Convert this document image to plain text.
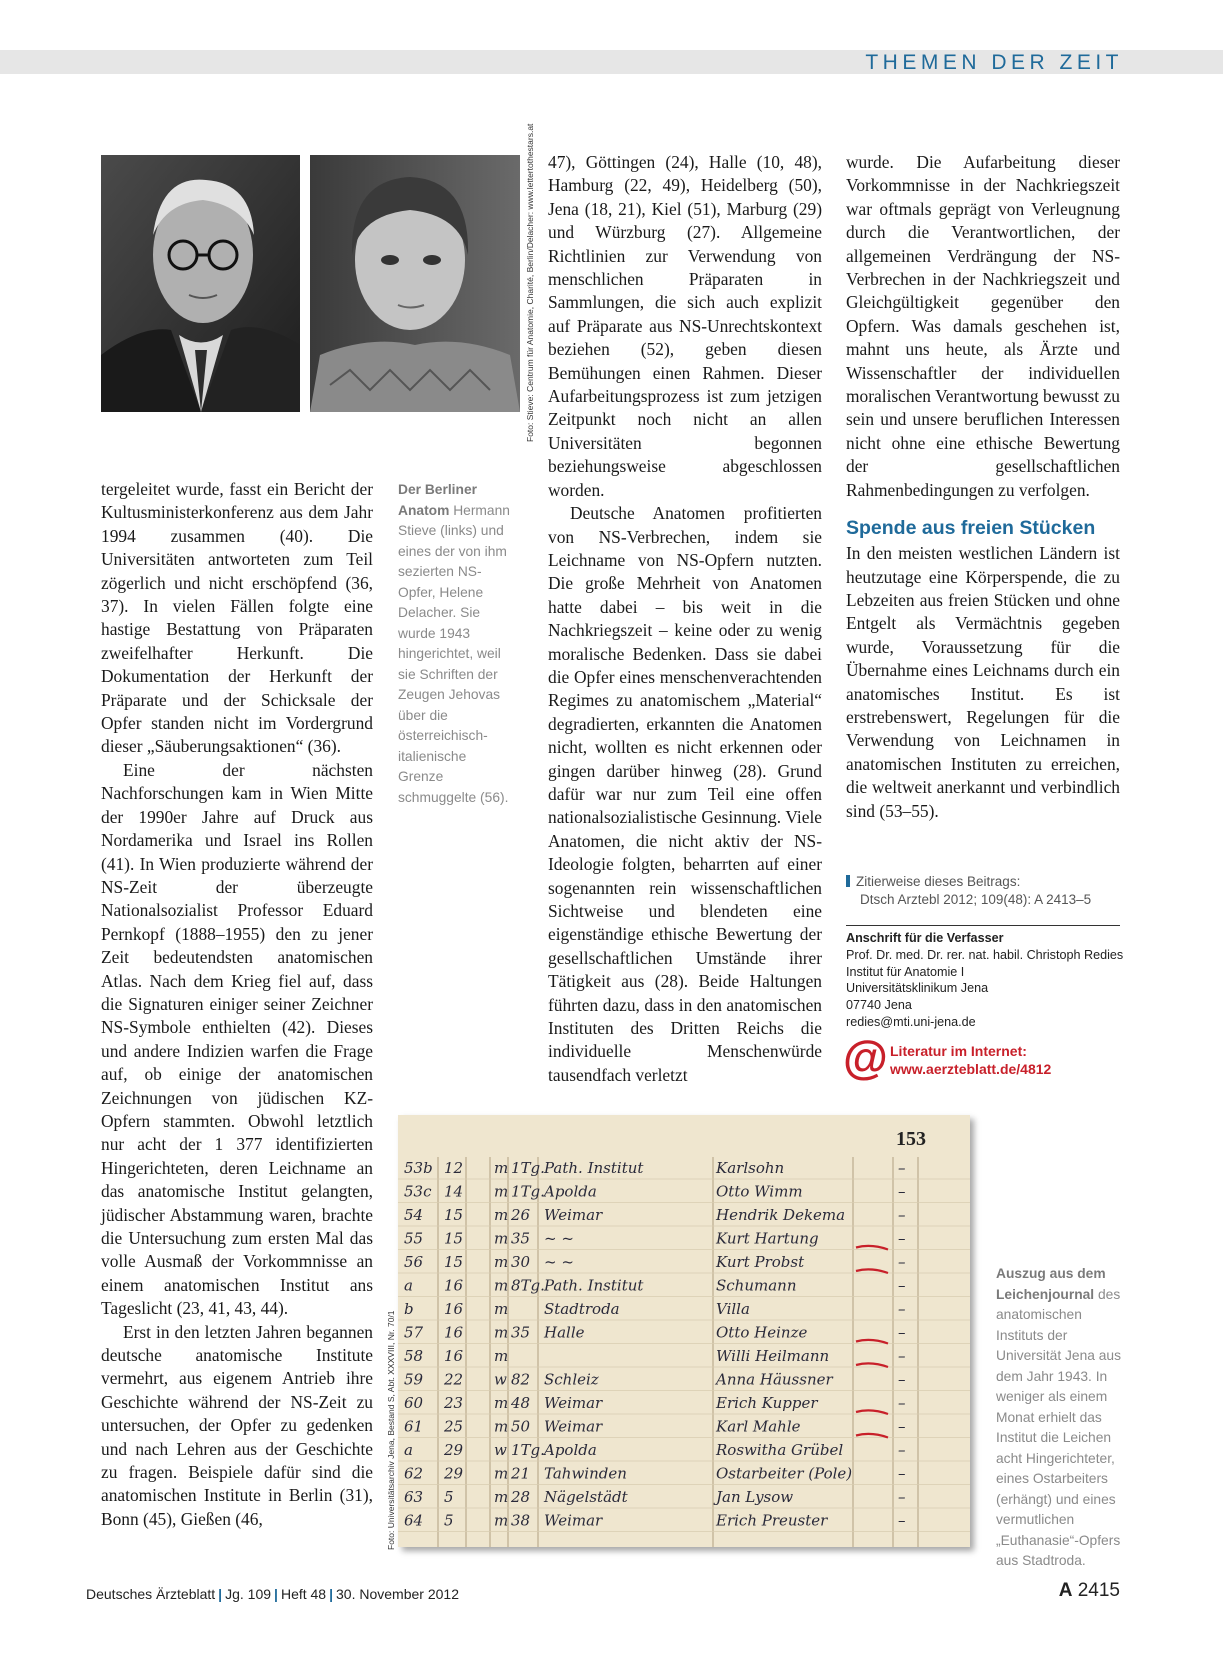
THEMEN DER ZEIT
Foto: Stieve: Centrum für Anatomie, Charité, Berlin/Delacher: www.lettertothestars.at

tergeleitet wurde, fasst ein Bericht der Kultusministerkonferenz aus dem Jahr 1994 zusammen (40). Die Universitäten antworteten zum Teil zögerlich und nicht erschöpfend (36, 37). In vielen Fällen folgte eine hastige Bestattung von Präparaten zweifelhafter Herkunft. Die Dokumentation der Herkunft der Präparate und der Schicksale der Opfer standen nicht im Vordergrund dieser „Säuberungsaktionen“ (36).

Eine der nächsten Nachforschungen kam in Wien Mitte der 1990er Jahre auf Druck aus Nordamerika und Israel ins Rollen (41). In Wien produzierte während der NS-Zeit der überzeugte Nationalsozialist Professor Eduard Pernkopf (1888–1955) den zu jener Zeit bedeutendsten anatomischen Atlas. Nach dem Krieg fiel auf, dass die Signaturen einiger seiner Zeichner NS-Symbole enthielten (42). Dieses und andere Indizien warfen die Frage auf, ob einige der anatomischen Zeichnungen von jüdischen KZ-Opfern stammten. Obwohl letztlich nur acht der 1 377 identifizierten Hingerichteten, deren Leichname an das anatomische Institut gelangten, jüdischer Abstammung waren, brachte die Untersuchung zum ersten Mal das volle Ausmaß der Vorkommnisse an einem anatomischen Institut ans Tageslicht (23, 41, 43, 44).

Erst in den letzten Jahren begannen deutsche anatomische Institute vermehrt, aus eigenem Antrieb ihre Geschichte während der NS-Zeit zu untersuchen, der Opfer zu gedenken und nach Lehren aus der Geschichte zu fragen. Beispiele dafür sind die anatomischen Institute in Berlin (31), Bonn (45), Gießen (46,

Der Berliner Anatom Hermann Stieve (links) und eines der von ihm sezierten NS-Opfer, Helene Delacher. Sie wurde 1943 hingerichtet, weil sie Schriften der Zeugen Jehovas über die österreichisch-italienische Grenze schmuggelte (56).

47), Göttingen (24), Halle (10, 48), Hamburg (22, 49), Heidelberg (50), Jena (18, 21), Kiel (51), Marburg (29) und Würzburg (27). Allgemeine Richtlinien zur Verwendung von menschlichen Präparaten in Sammlungen, die sich auch explizit auf Präparate aus NS-Unrechtskontext beziehen (52), geben diesen Bemühungen einen Rahmen. Dieser Aufarbeitungsprozess ist zum jetzigen Zeitpunkt noch nicht an allen Universitäten begonnen beziehungsweise abgeschlossen worden.

Deutsche Anatomen profitierten von NS-Verbrechen, indem sie Leichname von NS-Opfern nutzten. Die große Mehrheit von Anatomen hatte dabei – bis weit in die Nachkriegszeit – keine oder zu wenig moralische Bedenken. Dass sie dabei die Opfer eines menschenverachtenden Regimes zu anatomischem „Material“ degradierten, erkannten die Anatomen nicht, wollten es nicht erkennen oder gingen darüber hinweg (28). Grund dafür war nur zum Teil eine offen nationalsozialistische Gesinnung. Viele Anatomen, die nicht aktiv der NS-Ideologie folgten, beharrten auf einer sogenannten rein wissenschaftlichen Sichtweise und blendeten eine eigenständige ethische Bewertung der gesellschaftlichen Umstände ihrer Tätigkeit aus (28). Beide Haltungen führten dazu, dass in den anatomischen Instituten des Dritten Reichs die individuelle Menschenwürde tausendfach verletzt

wurde. Die Aufarbeitung dieser Vorkommnisse in der Nachkriegszeit war oftmals geprägt von Verleugnung durch die Verantwortlichen, der allgemeinen Verdrängung der NS-Verbrechen in der Nachkriegszeit und Gleichgültigkeit gegenüber den Opfern. Was damals geschehen ist, mahnt uns heute, als Ärzte und Wissenschaftler der individuellen moralischen Verantwortung bewusst zu sein und unsere beruflichen Interessen nicht ohne eine ethische Bewertung der gesellschaftlichen Rahmenbedingungen zu verfolgen.

Spende aus freien Stücken

In den meisten westlichen Ländern ist heutzutage eine Körperspende, die zu Lebzeiten aus freien Stücken und ohne Entgelt als Vermächtnis gegeben wurde, Voraussetzung für die Übernahme eines Leichnams durch ein anatomisches Institut. Es ist erstrebenswert, Regelungen für die Verwendung von Leichnamen in anatomischen Instituten zu erreichen, die weltweit anerkannt und verbindlich sind (53–55).

Zitierweise dieses Beitrags:
Dtsch Arztebl 2012; 109(48): A 2413–5
Anschrift für die Verfasser
Prof. Dr. med. Dr. rer. nat. habil. Christoph Redies
Institut für Anatomie I
Universitätsklinikum Jena
07740 Jena
redies@mti.uni-jena.de
@ Literatur im Internet:
www.aerzteblatt.de/4812
Foto: Universitätsarchiv Jena, Bestand S, Abt. XXXVIII, Nr. 70/1
153
53b 12 m 1Tg. Path. Institut	Karlsohn	–
53c 14 m 1Tg. Apolda	Otto Wimm	–
54 15 m 26 Weimar	Hendrik Dekema	–
55 15 m 35 ~ ~	Kurt Hartung	–
56 15 m 30 ~ ~	Kurt Probst	–
a 16 m 8Tg. Path. Institut	Schumann	–
b 16 m Stadtroda	Villa	–
57 16 m 35 Halle	Otto Heinze	–
58 16 m	Willi Heilmann	–
59 22 w 82 Schleiz	Anna Häussner	–
60 23 m 48 Weimar	Erich Kupper	–
61 25 m 50 Weimar	Karl Mahle	–
a 29 w 1Tg. Apolda	Roswitha Grübel	–
62 29 m 21 Tahwinden	Ostarbeiter (Pole)	–
63 5	m 28 Nägelstädt	Jan Lysow	–
64 5	m 38 Weimar	Erich Preuster	–
Auszug aus dem Leichenjournal des anatomischen Instituts der Universität Jena aus dem Jahr 1943. In weniger als einem Monat erhielt das Institut die Leichen acht Hingerichteter, eines Ostarbeiters (erhängt) und eines vermutlichen „Euthanasie“-Opfers aus Stadtroda.
Deutsches Ärzteblatt | Jg. 109 | Heft 48 | 30. November 2012	A 2415
